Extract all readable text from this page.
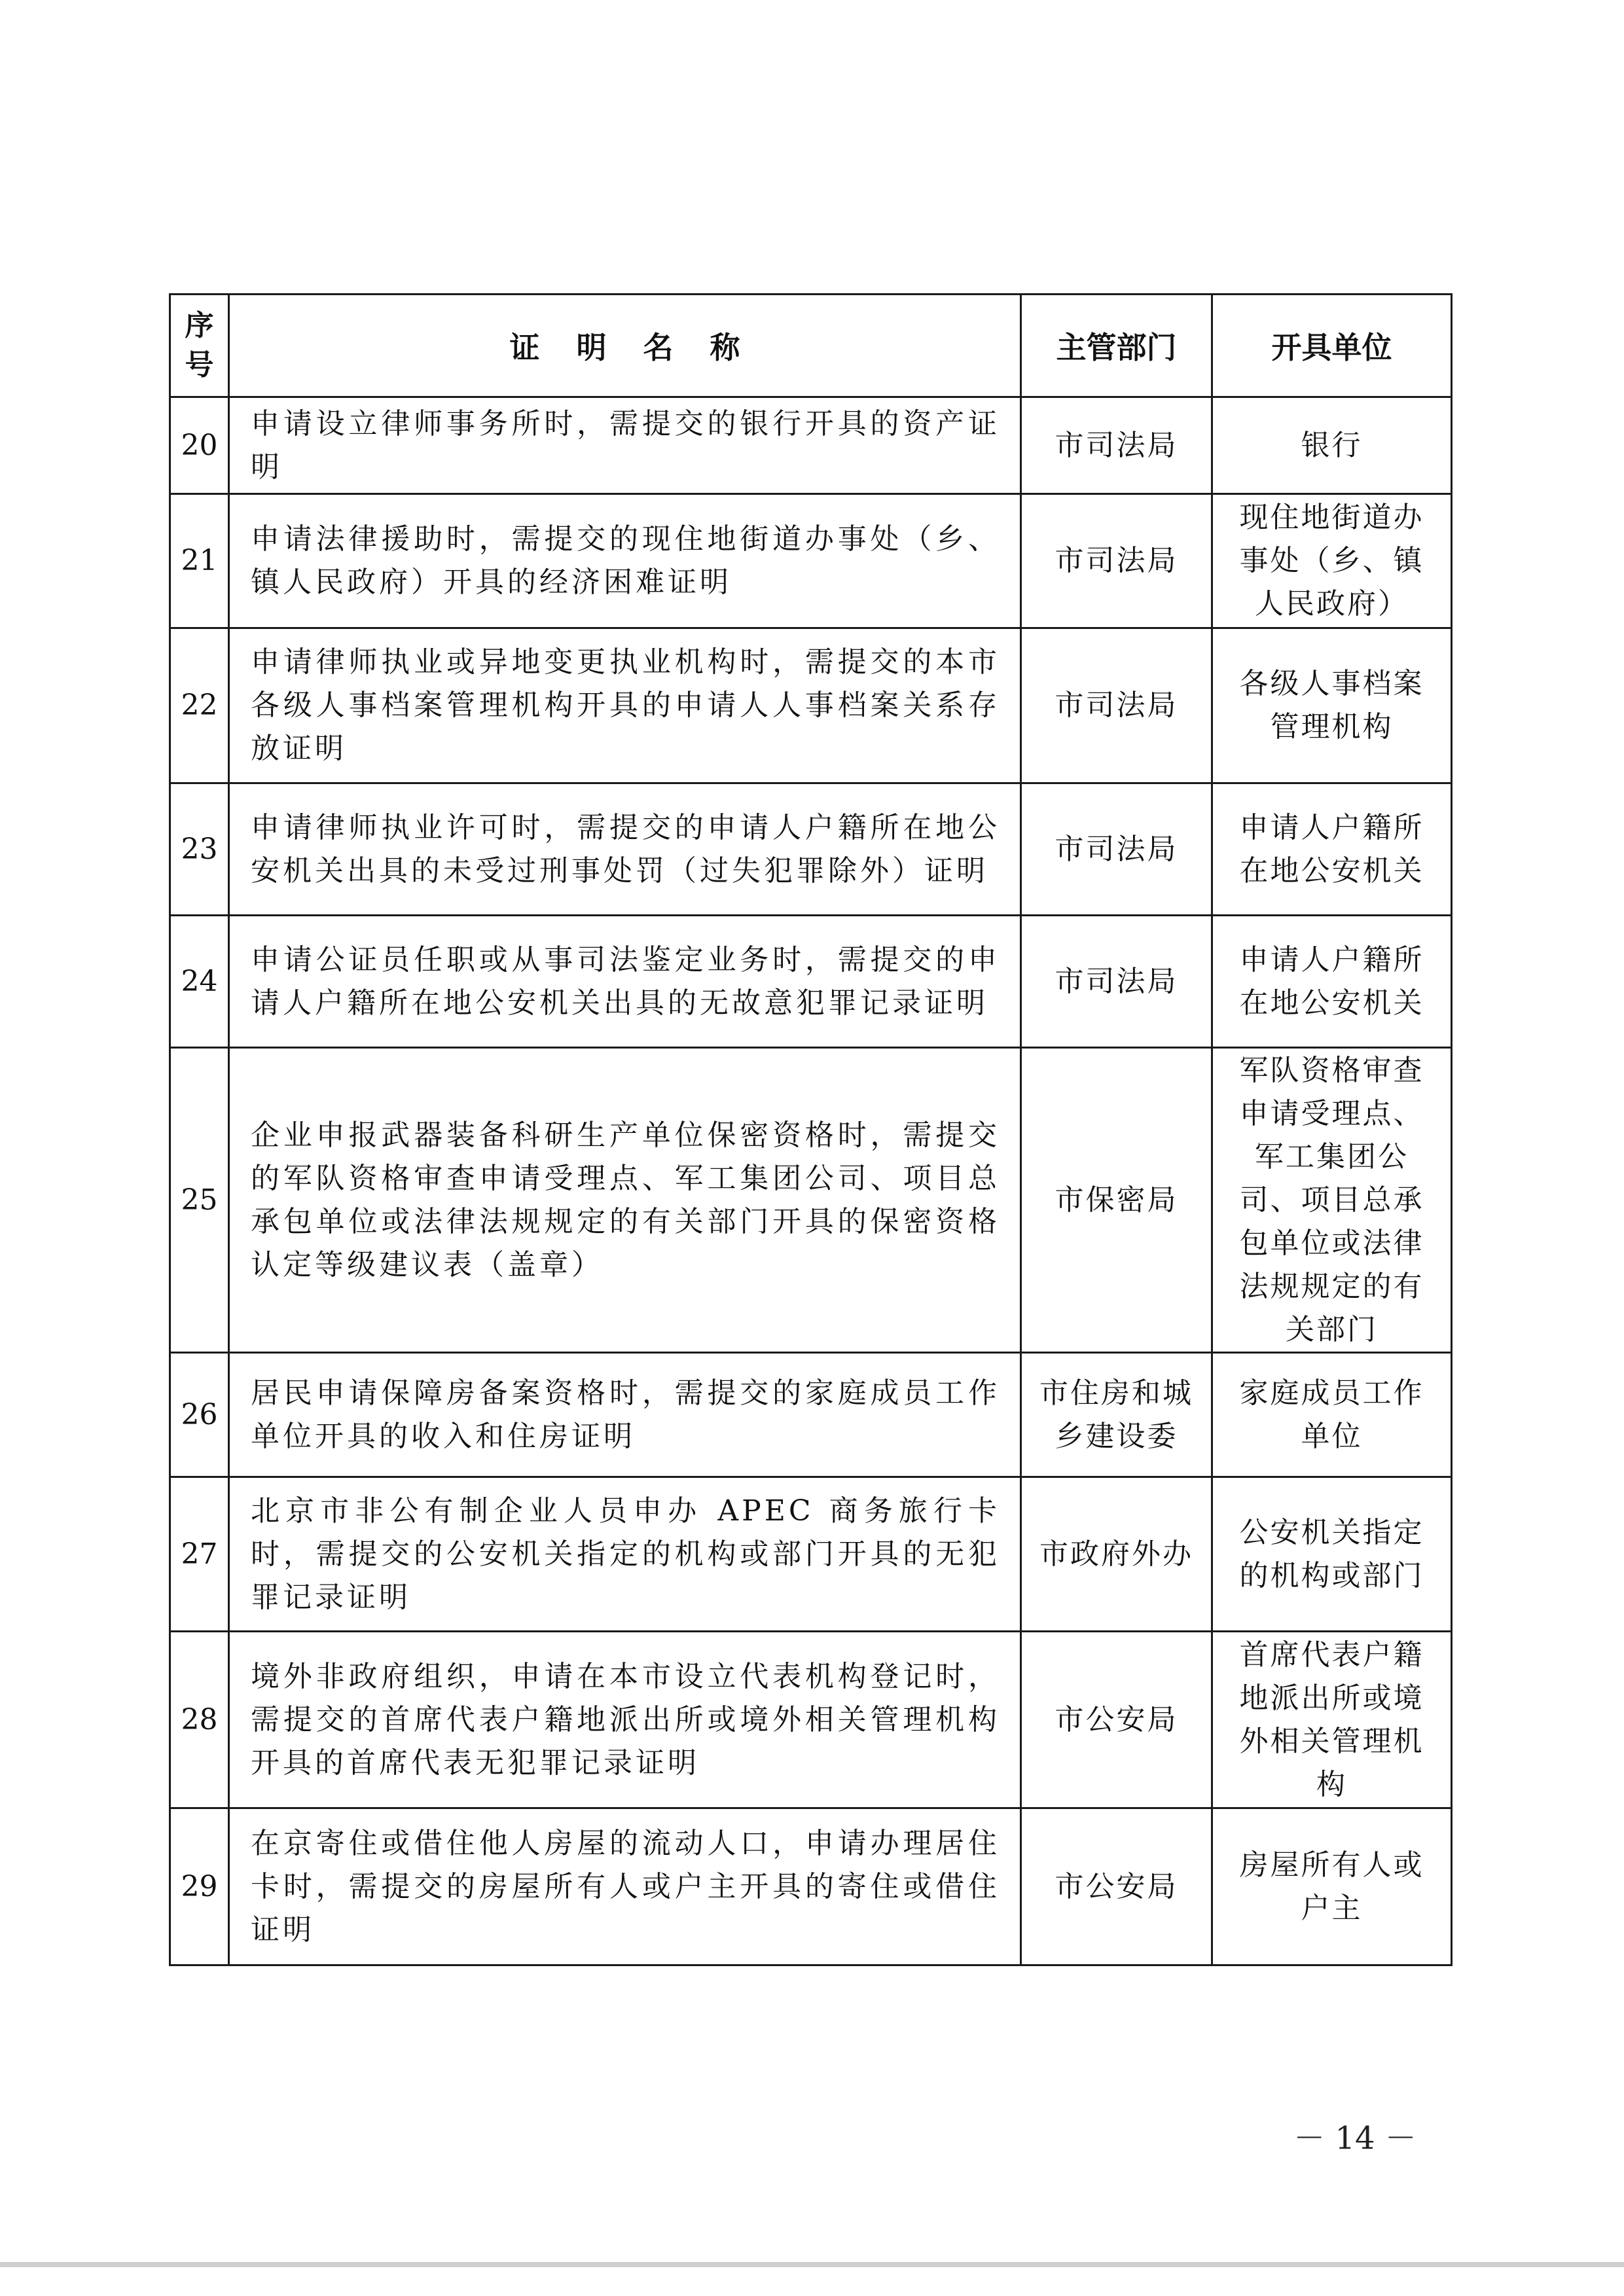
序号	证明名称	主管部门	开具单位
20	申请设立律师事务所时，需提交的银行开具的资产证明	市司法局	银行
21	申请法律援助时，需提交的现住地街道办事处（乡、镇人民政府）开具的经济困难证明	市司法局	现住地街道办事处（乡、镇人民政府）
22	申请律师执业或异地变更执业机构时，需提交的本市各级人事档案管理机构开具的申请人人事档案关系存放证明	市司法局	各级人事档案管理机构
23	申请律师执业许可时，需提交的申请人户籍所在地公安机关出具的未受过刑事处罚（过失犯罪除外）证明	市司法局	申请人户籍所在地公安机关
24	申请公证员任职或从事司法鉴定业务时，需提交的申请人户籍所在地公安机关出具的无故意犯罪记录证明	市司法局	申请人户籍所在地公安机关
25	企业申报武器装备科研生产单位保密资格时，需提交的军队资格审查申请受理点、军工集团公司、项目总承包单位或法律法规规定的有关部门开具的保密资格认定等级建议表（盖章）	市保密局	军队资格审查申请受理点、军工集团公司、项目总承包单位或法律法规规定的有关部门
26	居民申请保障房备案资格时，需提交的家庭成员工作单位开具的收入和住房证明	市住房和城乡建设委	家庭成员工作单位
27	北京市非公有制企业人员申办 APEC 商务旅行卡时，需提交的公安机关指定的机构或部门开具的无犯罪记录证明	市政府外办	公安机关指定的机构或部门
28	境外非政府组织，申请在本市设立代表机构登记时，需提交的首席代表户籍地派出所或境外相关管理机构开具的首席代表无犯罪记录证明	市公安局	首席代表户籍地派出所或境外相关管理机构
29	在京寄住或借住他人房屋的流动人口，申请办理居住卡时，需提交的房屋所有人或户主开具的寄住或借住证明	市公安局	房屋所有人或户主
－ 14 －
